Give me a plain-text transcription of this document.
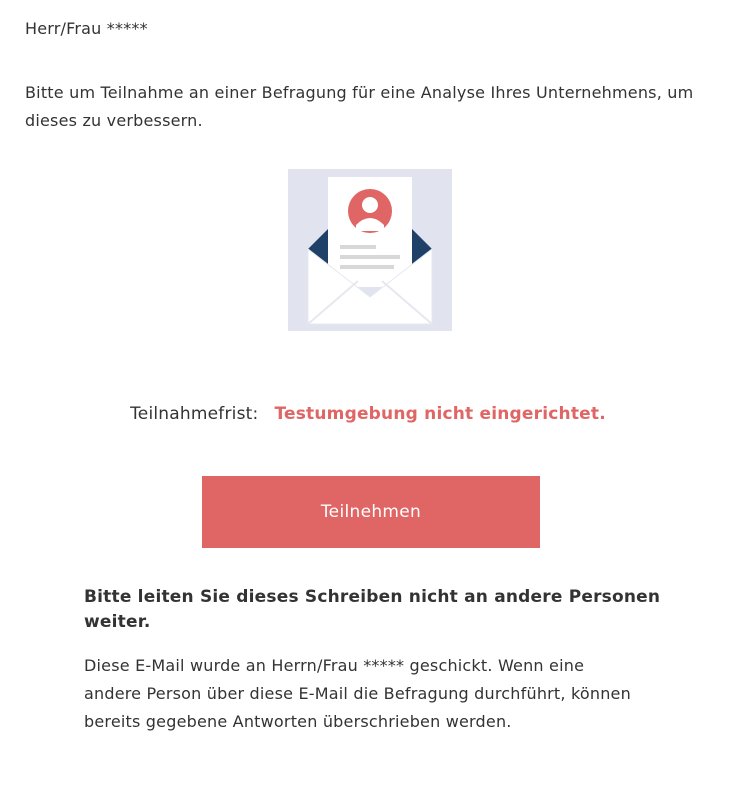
Herr/Frau *****
Bitte um Teilnahme an einer Befragung für eine Analyse Ihres Unternehmens, um dieses zu verbessern.
Teilnahmefrist: Testumgebung nicht eingerichtet.
Teilnehmen
Bitte leiten Sie dieses Schreiben nicht an andere Personen weiter.
Diese E-Mail wurde an Herrn/Frau ***** geschickt. Wenn eine andere Person über diese E-Mail die Befragung durchführt, können bereits gegebene Antworten überschrieben werden.
